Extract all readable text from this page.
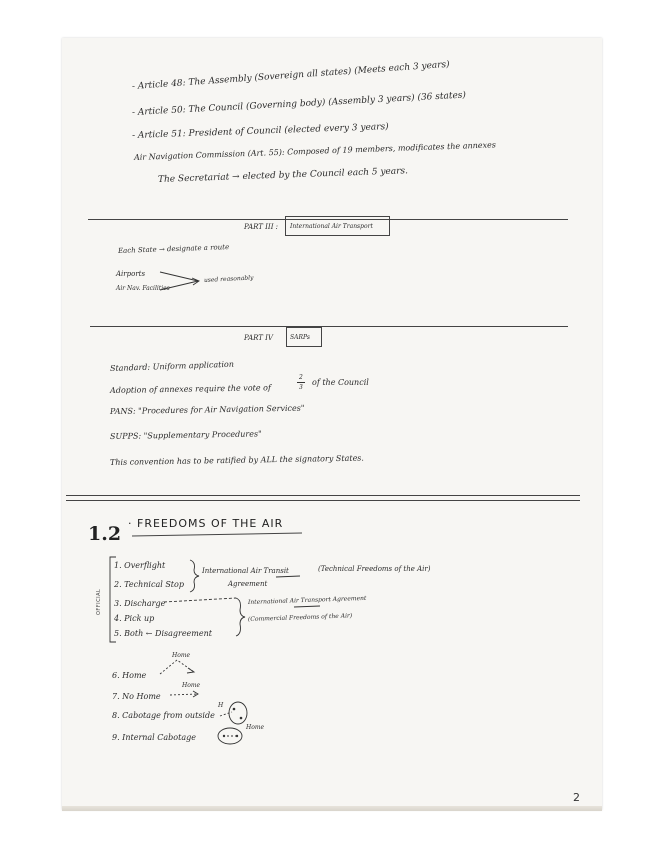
- Article 48: The Assembly (Sovereign all states) (Meets each 3 years)
- Article 50: The Council (Governing body) (Assembly 3 years) (36 states)
- Article 51: President of Council (elected every 3 years)
Air Navigation Commission (Art. 55): Composed of 19 members, modificates the annexes
The Secretariat → elected by the Council each 5 years.
PART III : International Air Transport
Each State → designate a route
Airports
Air Nav. Facilities
used reasonably
PART IV	SARPs
Standard: Uniform application
Adoption of annexes require the vote of
2
3
of the Council
PANS: "Procedures for Air Navigation Services"
SUPPS: "Supplementary Procedures"
This convention has to be ratified by ALL the signatory States.
1.2 · FREEDOMS OF THE AIR
OFFICIAL
1. Overflight
2. Technical Stop
3. Discharge
4. Pick up
5. Both ← Disagreement
International Air Transit
Agreement
(Technical Freedoms of the Air)
International Air Transport Agreement
(Commercial Freedoms of the Air)
6. Home
7. No Home
8. Cabotage from outside
9. Internal Cabotage
Home
Home
H
Home
2
